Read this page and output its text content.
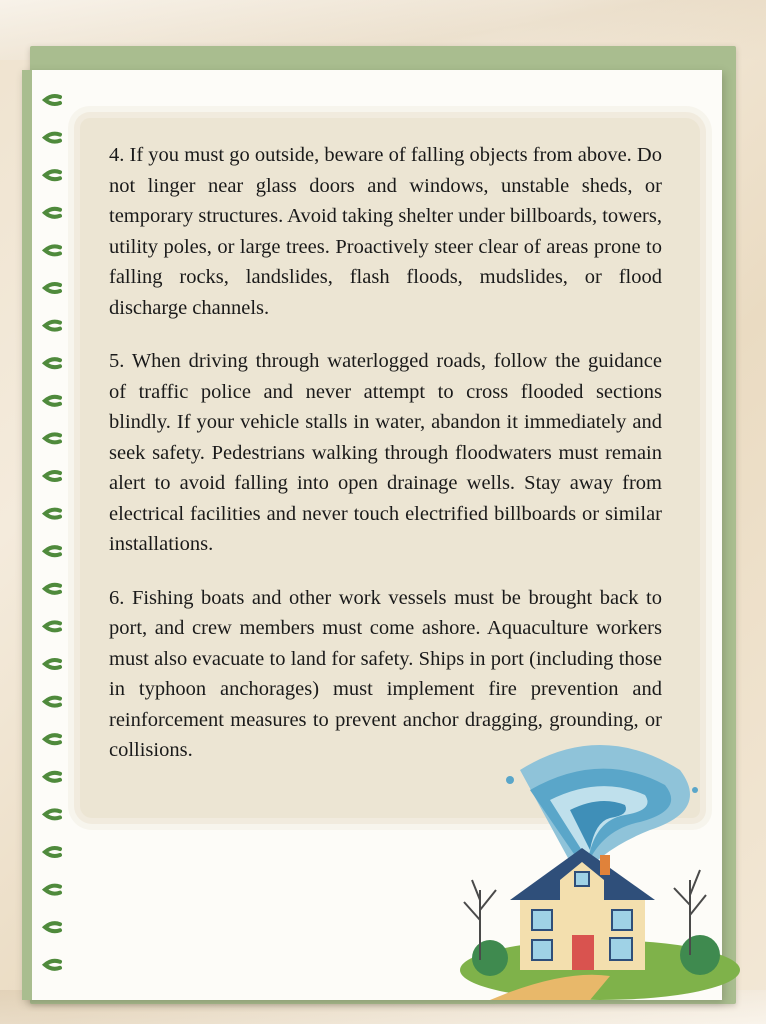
4. If you must go outside, beware of falling objects from above. Do not linger near glass doors and windows, unstable sheds, or temporary structures. Avoid taking shelter under billboards, towers, utility poles, or large trees. Proactively steer clear of areas prone to falling rocks, landslides, flash floods, mudslides, or flood discharge channels.

5. When driving through waterlogged roads, follow the guidance of traffic police and never attempt to cross flooded sections blindly. If your vehicle stalls in water, abandon it immediately and seek safety. Pedestrians walking through floodwaters must remain alert to avoid falling into open drainage wells. Stay away from electrical facilities and never touch electrified billboards or similar installations.

6. Fishing boats and other work vessels must be brought back to port, and crew members must come ashore. Aquaculture workers must also evacuate to land for safety. Ships in port (including those in typhoon anchorages) must implement fire prevention and reinforcement measures to prevent anchor dragging, grounding, or collisions.
